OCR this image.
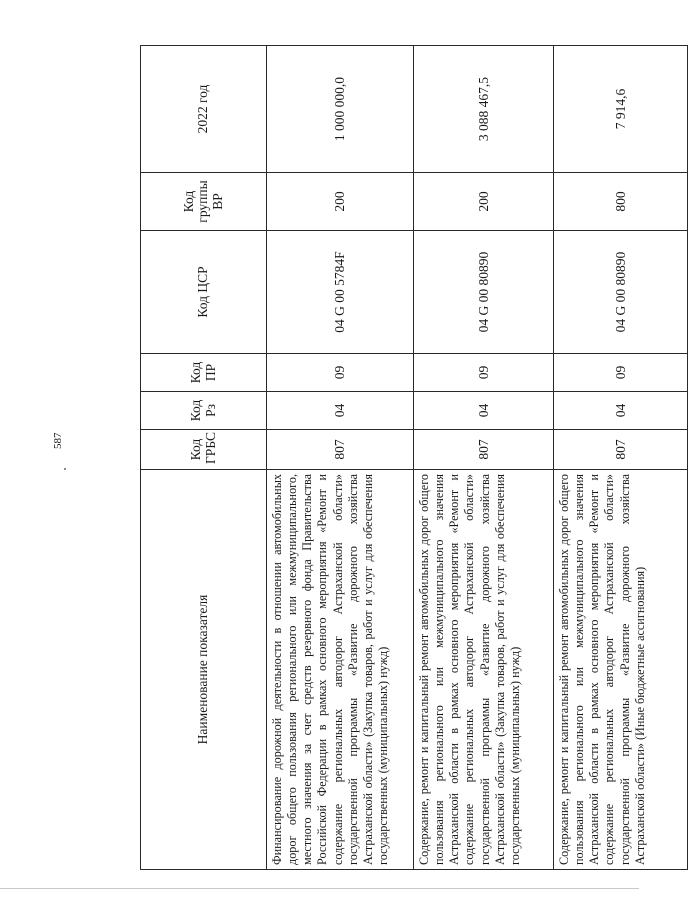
587
Наименование показателя	Код ГРБС	Код Рз	Код ПР	Код ЦСР	Код группы ВР	2022 год
Финансирование дорожной деятельности в отношении автомобильных дорог общего пользования регионального или межмуниципального, местного значения за счет средств резервного фонда Правительства Российской Федерации в рамках основного мероприятия «Ремонт и содержание региональных автодорог Астраханской области» государственной программы «Развитие дорожного хозяйства Астраханской области» (Закупка товаров, работ и услуг для обеспечения государственных (муниципальных) нужд)	807	04	09	04 G 00 5784F	200	1 000 000,0
Содержание, ремонт и капитальный ремонт автомобильных дорог общего пользования регионального или межмуниципального значения Астраханской области в рамках основного мероприятия «Ремонт и содержание региональных автодорог Астраханской области» государственной программы «Развитие дорожного хозяйства Астраханской области» (Закупка товаров, работ и услуг для обеспечения государственных (муниципальных) нужд)	807	04	09	04 G 00 80890	200	3 088 467,5
Содержание, ремонт и капитальный ремонт автомобильных дорог общего пользования регионального или межмуниципального значения Астраханской области в рамках основного мероприятия «Ремонт и содержание региональных автодорог Астраханской области» государственной программы «Развитие дорожного хозяйства Астраханской области» (Иные бюджетные ассигнования)	807	04	09	04 G 00 80890	800	7 914,6
